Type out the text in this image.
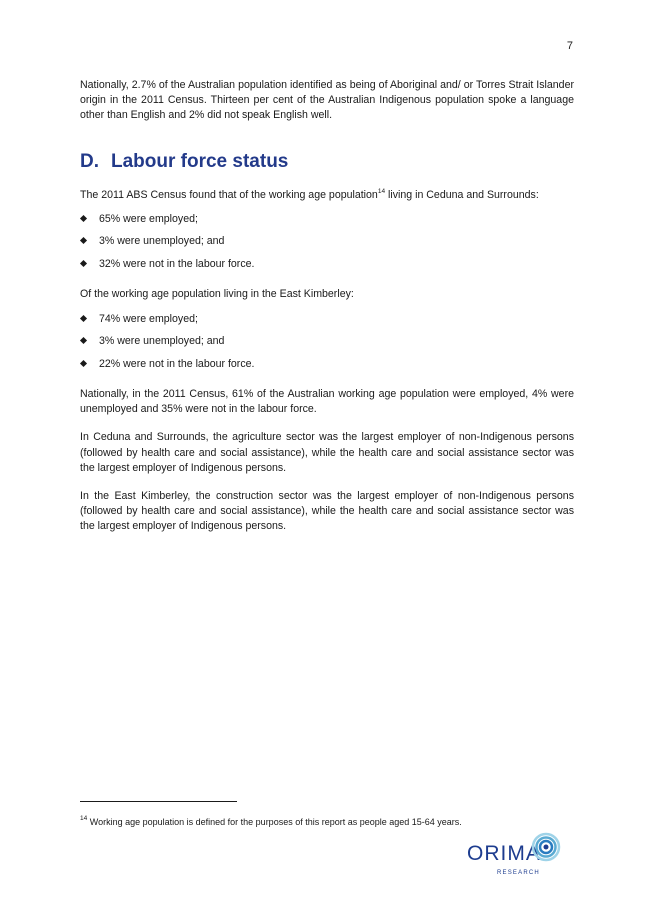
7

Nationally, 2.7% of the Australian population identified as being of Aboriginal and/ or Torres Strait Islander origin in the 2011 Census. Thirteen per cent of the Australian Indigenous population spoke a language other than English and 2% did not speak English well.

D. Labour force status

The 2011 ABS Census found that of the working age population$^{14}$ living in Ceduna and Surrounds:

65% were employed;
3% were unemployed; and
32% were not in the labour force.

Of the working age population living in the East Kimberley:

74% were employed;
3% were unemployed; and
22% were not in the labour force.

Nationally, in the 2011 Census, 61% of the Australian working age population were employed, 4% were unemployed and 35% were not in the labour force.

In Ceduna and Surrounds, the agriculture sector was the largest employer of non-Indigenous persons (followed by health care and social assistance), while the health care and social assistance sector was the largest employer of Indigenous persons.

In the East Kimberley, the construction sector was the largest employer of non-Indigenous persons (followed by health care and social assistance), while the health care and social assistance sector was the largest employer of Indigenous persons.

$^{14}$ Working age population is defined for the purposes of this report as people aged 15-64 years.
ORIMA
RESEARCH
